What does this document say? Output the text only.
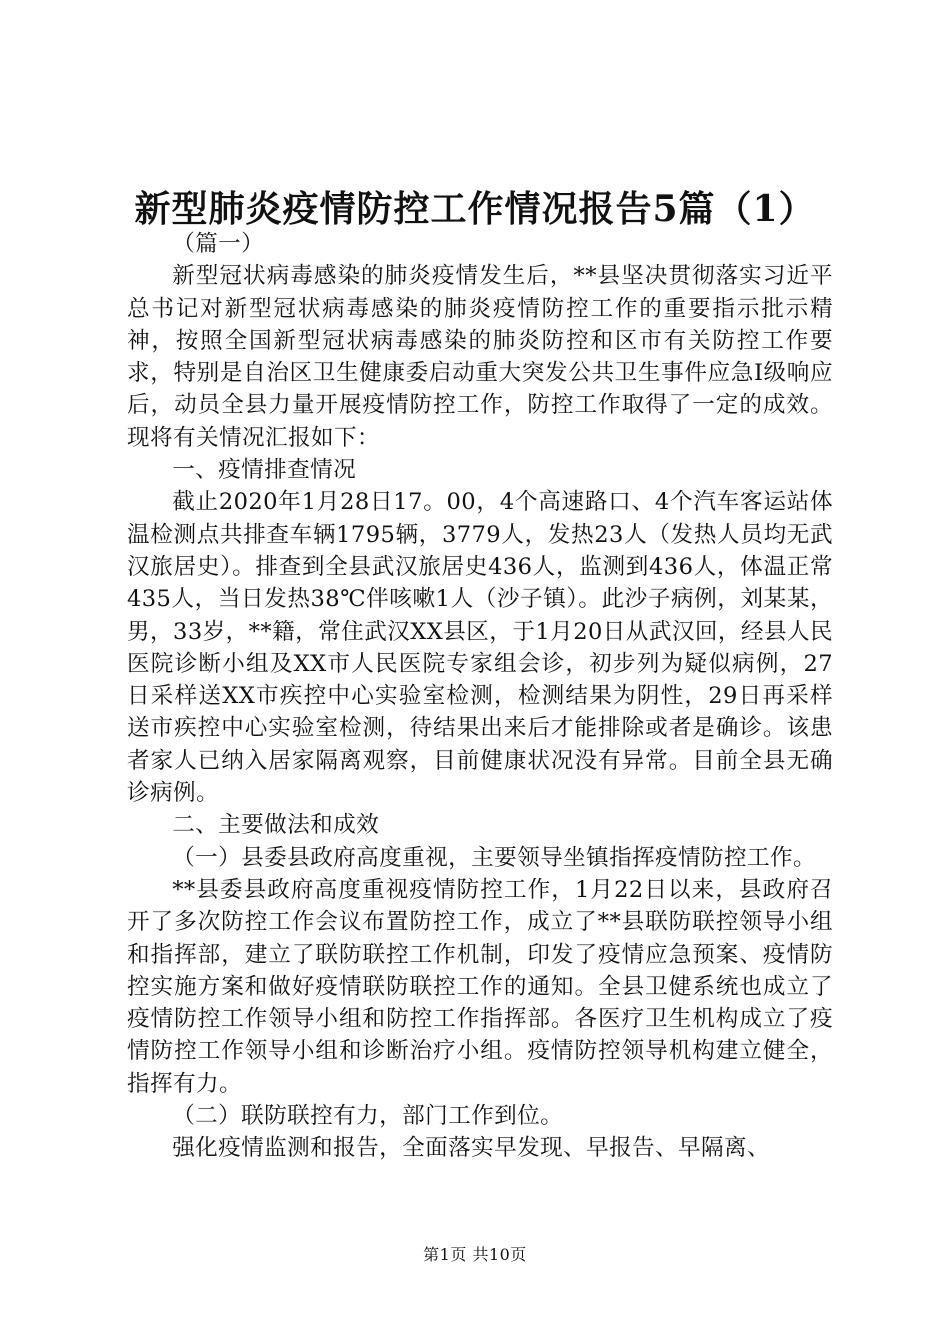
新型肺炎疫情防控工作情况报告5篇（1）

（篇一）

新型冠状病毒感染的肺炎疫情发生后，**县坚决贯彻落实习近平总书记对新型冠状病毒感染的肺炎疫情防控工作的重要指示批示精神，按照全国新型冠状病毒感染的肺炎防控和区市有关防控工作要求，特别是自治区卫生健康委启动重大突发公共卫生事件应急Ⅰ级响应后，动员全县力量开展疫情防控工作，防控工作取得了一定的成效。现将有关情况汇报如下：

一、疫情排查情况

截止2020年1月28日17。00，4个高速路口、4个汽车客运站体温检测点共排查车辆1795辆，3779人，发热23人（发热人员均无武汉旅居史）。排查到全县武汉旅居史436人，监测到436人，体温正常435人，当日发热38℃伴咳嗽1人（沙子镇）。此沙子病例，刘某某，男，33岁，**籍，常住武汉XX县区，于1月20日从武汉回，经县人民医院诊断小组及XX市人民医院专家组会诊，初步列为疑似病例，27日采样送XX市疾控中心实验室检测，检测结果为阴性，29日再采样送市疾控中心实验室检测，待结果出来后才能排除或者是确诊。该患者家人已纳入居家隔离观察，目前健康状况没有异常。目前全县无确诊病例。

二、主要做法和成效

（一）县委县政府高度重视，主要领导坐镇指挥疫情防控工作。

**县委县政府高度重视疫情防控工作，1月22日以来，县政府召开了多次防控工作会议布置防控工作，成立了**县联防联控领导小组和指挥部，建立了联防联控工作机制，印发了疫情应急预案、疫情防控实施方案和做好疫情联防联控工作的通知。全县卫健系统也成立了疫情防控工作领导小组和防控工作指挥部。各医疗卫生机构成立了疫情防控工作领导小组和诊断治疗小组。疫情防控领导机构建立健全，指挥有力。

（二）联防联控有力，部门工作到位。

强化疫情监测和报告，全面落实早发现、早报告、早隔离、

第1页 共10页
